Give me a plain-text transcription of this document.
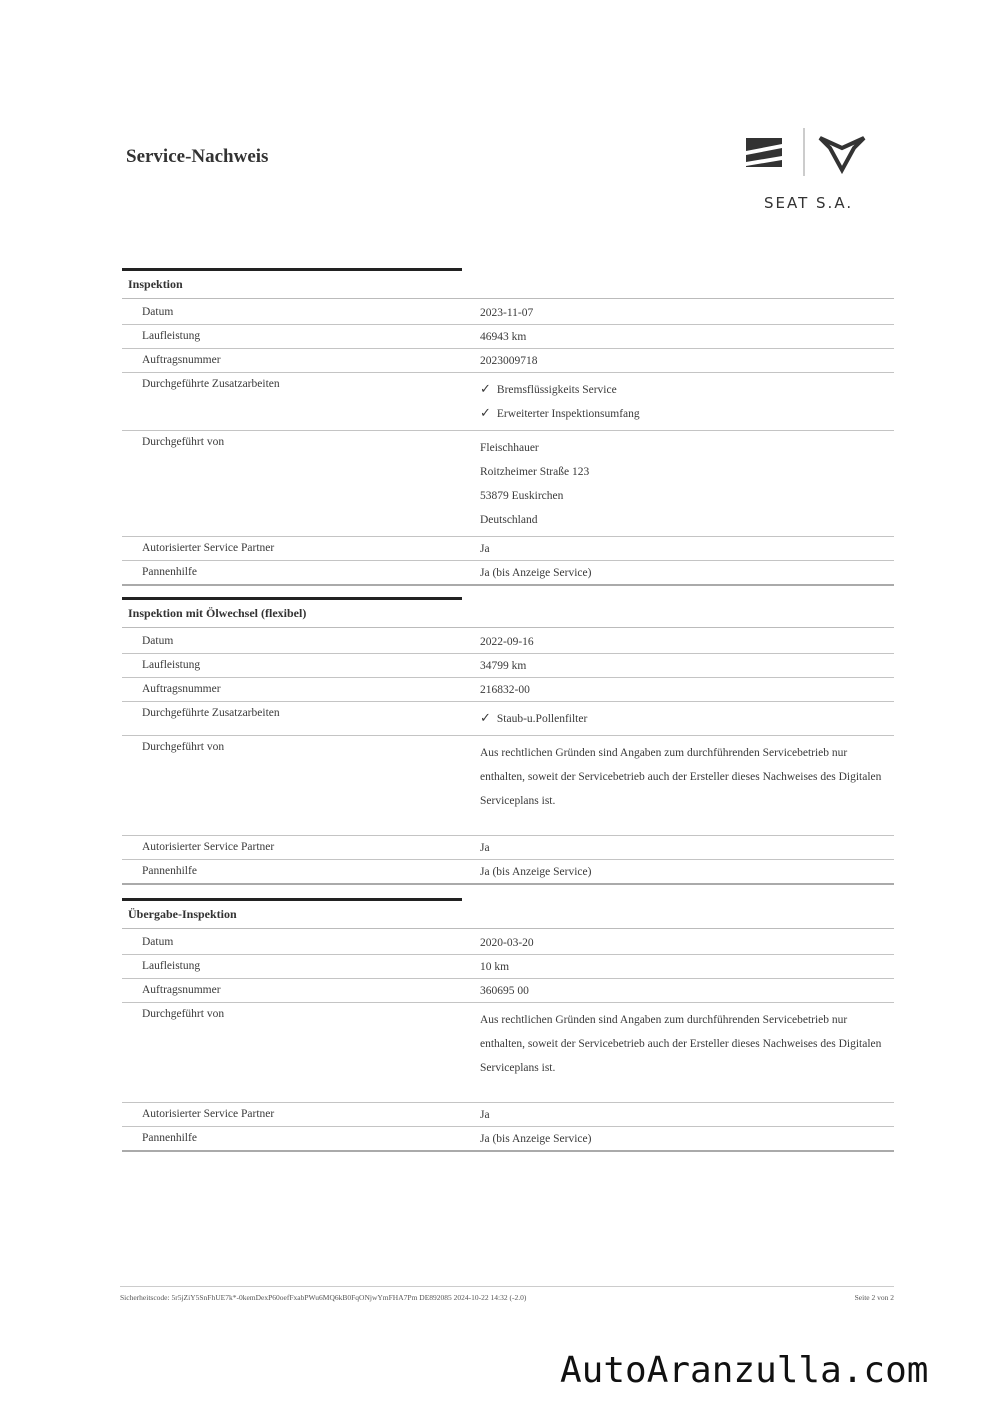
Service-Nachweis
SEAT S.A.
Inspektion
Datum	2023-11-07
Laufleistung	46943 km
Auftragsnummer	2023009718
Durchgeführte Zusatzarbeiten	✓ Bremsflüssigkeits Service
✓ Erweiterter Inspektionsumfang
Durchgeführt von	Fleischhauer
Roitzheimer Straße 123
53879 Euskirchen
Deutschland
Autorisierter Service Partner	Ja
Pannenhilfe	Ja (bis Anzeige Service)
Inspektion mit Ölwechsel (flexibel)
Datum	2022-09-16
Laufleistung	34799 km
Auftragsnummer	216832-00
Durchgeführte Zusatzarbeiten	✓ Staub-u.Pollenfilter
Durchgeführt von	Aus rechtlichen Gründen sind Angaben zum durchführenden Servicebetrieb nur enthalten, soweit der Servicebetrieb auch der Ersteller dieses Nachweises des Digitalen Serviceplans ist.
Autorisierter Service Partner	Ja
Pannenhilfe	Ja (bis Anzeige Service)
Übergabe-Inspektion
Datum	2020-03-20
Laufleistung	10 km
Auftragsnummer	360695 00
Durchgeführt von	Aus rechtlichen Gründen sind Angaben zum durchführenden Servicebetrieb nur enthalten, soweit der Servicebetrieb auch der Ersteller dieses Nachweises des Digitalen Serviceplans ist.
Autorisierter Service Partner	Ja
Pannenhilfe	Ja (bis Anzeige Service)
Sicherheitscode: 5r5jZiY5SnFhUE7k*-0kemDexP60oefFxabPWu6MQ6kB0FqONjwYmFHA7Pm DE892085 2024-10-22 14:32 (-2.0)	Seite 2 von 2
AutoAranzulla.com
